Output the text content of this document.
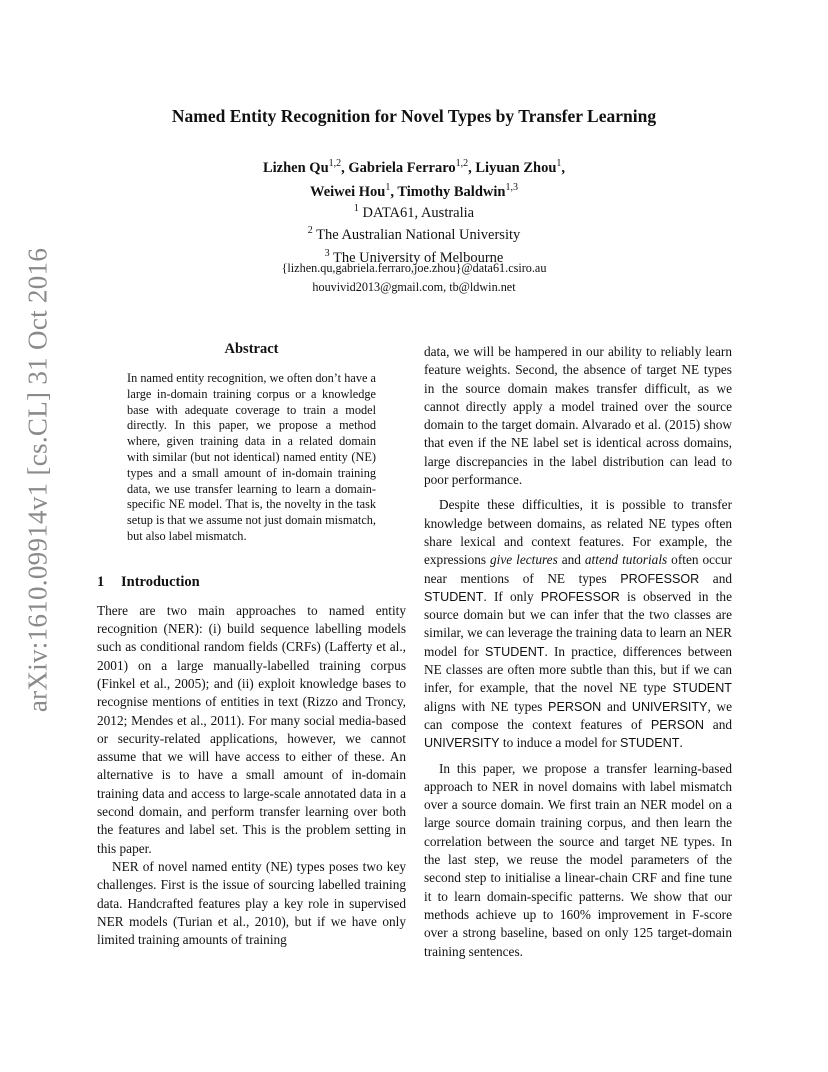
arXiv:1610.09914v1 [cs.CL] 31 Oct 2016
Named Entity Recognition for Novel Types by Transfer Learning
Lizhen Qu$^{1,2}$, Gabriela Ferraro$^{1,2}$, Liyuan Zhou$^1$,
Weiwei Hou$^1$, Timothy Baldwin$^{1,3}$
$^1$ DATA61, Australia
$^2$ The Australian National University
$^3$ The University of Melbourne
{lizhen.qu,gabriela.ferraro,joe.zhou}@data61.csiro.au
houvivid2013@gmail.com, tb@ldwin.net
Abstract

In named entity recognition, we often don’t have a large in-domain training corpus or a knowledge base with adequate coverage to train a model directly. In this paper, we propose a method where, given training data in a related domain with similar (but not identical) named entity (NE) types and a small amount of in-domain training data, we use transfer learning to learn a domain-specific NE model. That is, the novelty in the task setup is that we assume not just domain mismatch, but also label mismatch.

1 Introduction

There are two main approaches to named entity recognition (NER): (i) build sequence labelling models such as conditional random fields (CRFs) (Lafferty et al., 2001) on a large manually-labelled training corpus (Finkel et al., 2005); and (ii) exploit knowledge bases to recognise mentions of entities in text (Rizzo and Troncy, 2012; Mendes et al., 2011). For many social media-based or security-related applications, however, we cannot assume that we will have access to either of these. An alternative is to have a small amount of in-domain training data and access to large-scale annotated data in a second domain, and perform transfer learning over both the features and label set. This is the problem setting in this paper.

NER of novel named entity (NE) types poses two key challenges. First is the issue of sourcing labelled training data. Handcrafted features play a key role in supervised NER models (Turian et al., 2010), but if we have only limited training amounts of training

data, we will be hampered in our ability to reliably learn feature weights. Second, the absence of target NE types in the source domain makes transfer difficult, as we cannot directly apply a model trained over the source domain to the target domain. Alvarado et al. (2015) show that even if the NE label set is identical across domains, large discrepancies in the label distribution can lead to poor performance.

Despite these difficulties, it is possible to transfer knowledge between domains, as related NE types often share lexical and context features. For example, the expressions give lectures and attend tutorials often occur near mentions of NE types PROFESSOR and STUDENT. If only PROFESSOR is observed in the source domain but we can infer that the two classes are similar, we can leverage the training data to learn an NER model for STUDENT. In practice, differences between NE classes are often more subtle than this, but if we can infer, for example, that the novel NE type STUDENT aligns with NE types PERSON and UNIVERSITY, we can compose the context features of PERSON and UNIVERSITY to induce a model for STUDENT.

In this paper, we propose a transfer learning-based approach to NER in novel domains with label mismatch over a source domain. We first train an NER model on a large source domain training corpus, and then learn the correlation between the source and target NE types. In the last step, we reuse the model parameters of the second step to initialise a linear-chain CRF and fine tune it to learn domain-specific patterns. We show that our methods achieve up to 160% improvement in F-score over a strong baseline, based on only 125 target-domain training sentences.
